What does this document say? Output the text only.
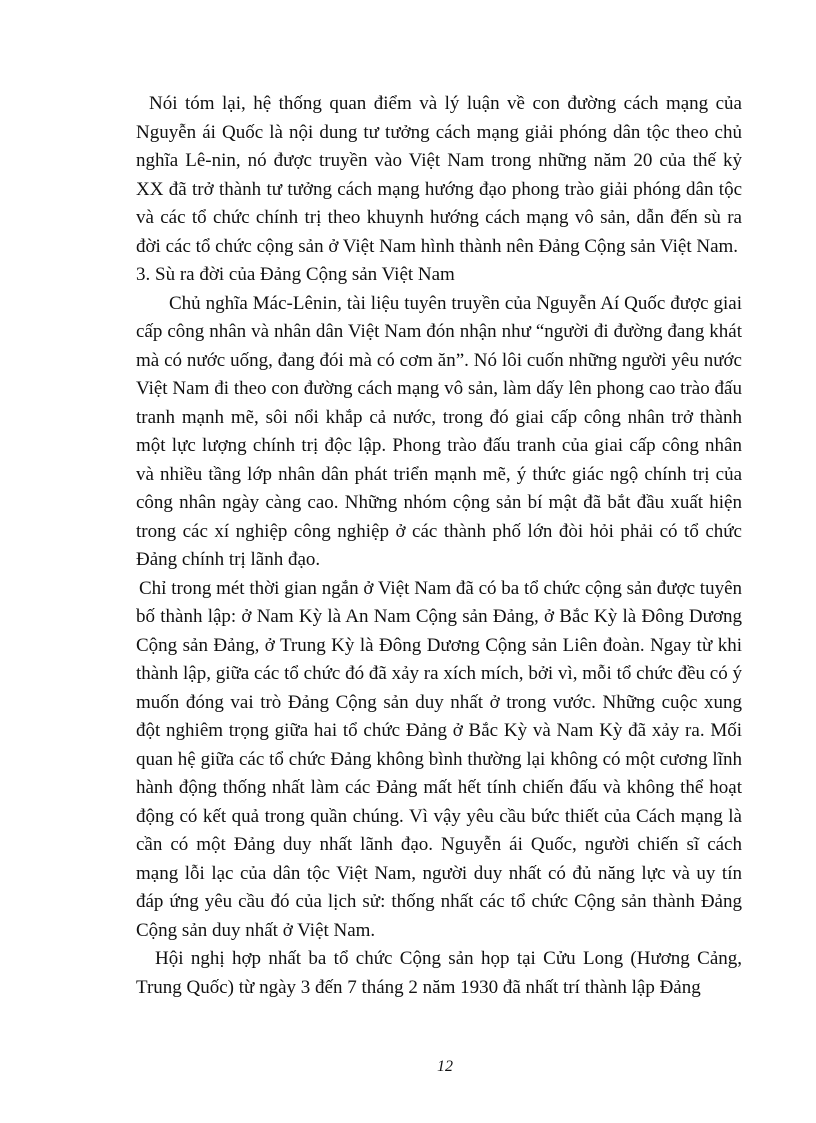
Nói tóm lại, hệ thống quan điểm và lý luận về con đường cách mạng của Nguyễn ái Quốc là nội dung tư tưởng cách mạng giải phóng dân tộc theo chủ nghĩa Lê-nin, nó được truyền vào Việt Nam trong những năm 20 của thế kỷ XX đã trở thành tư tưởng cách mạng hướng đạo phong trào giải phóng dân tộc và các tổ chức chính trị theo khuynh hướng cách mạng vô sản, dẫn đến sù ra đời các tổ chức cộng sản ở Việt Nam hình thành nên Đảng Cộng sản Việt Nam.

3. Sù ra đời của Đảng Cộng sản Việt Nam

Chủ nghĩa Mác-Lênin, tài liệu tuyên truyền của Nguyễn Aí Quốc được giai cấp công nhân và nhân dân Việt Nam đón nhận như “người đi đường đang khát mà có nước uống, đang đói mà có cơm ăn”. Nó lôi cuốn những người yêu nước Việt Nam đi theo con đường cách mạng vô sản, làm dấy lên phong cao trào đấu tranh mạnh mẽ, sôi nổi khắp cả nước, trong đó giai cấp công nhân trở thành một lực lượng chính trị độc lập. Phong trào đấu tranh của giai cấp công nhân và nhiều tầng lớp nhân dân phát triển mạnh mẽ, ý thức giác ngộ chính trị của công nhân ngày càng cao. Những nhóm cộng sản bí mật đã bắt đầu xuất hiện trong các xí nghiệp công nghiệp ở các thành phố lớn đòi hỏi phải có tổ chức Đảng chính trị lãnh đạo.

Chỉ trong mét thời gian ngắn ở Việt Nam đã có ba tổ chức cộng sản được tuyên bố thành lập: ở Nam Kỳ là An Nam Cộng sản Đảng, ở Bắc Kỳ là Đông Dương Cộng sản Đảng, ở Trung Kỳ là Đông Dương Cộng sản Liên đoàn. Ngay từ khi thành lập, giữa các tổ chức đó đã xảy ra xích mích, bởi vì, mỗi tổ chức đều có ý muốn đóng vai trò Đảng Cộng sản duy nhất ở trong vước. Những cuộc xung đột nghiêm trọng giữa hai tổ chức Đảng ở Bắc Kỳ và Nam Kỳ đã xảy ra. Mối quan hệ giữa các tổ chức Đảng không bình thường lại không có một cương lĩnh hành động thống nhất làm các Đảng mất hết tính chiến đấu và không thể hoạt động có kết quả trong quần chúng. Vì vậy yêu cầu bức thiết của Cách mạng là cần có một Đảng duy nhất lãnh đạo. Nguyễn ái Quốc, người chiến sĩ cách mạng lỗi lạc của dân tộc Việt Nam, người duy nhất có đủ năng lực và uy tín đáp ứng yêu cầu đó của lịch sử: thống nhất các tổ chức Cộng sản thành Đảng Cộng sản duy nhất ở Việt Nam.

Hội nghị hợp nhất ba tổ chức Cộng sản họp tại Cửu Long (Hương Cảng, Trung Quốc) từ ngày 3 đến 7 tháng 2 năm 1930 đã nhất trí thành lập Đảng

12
